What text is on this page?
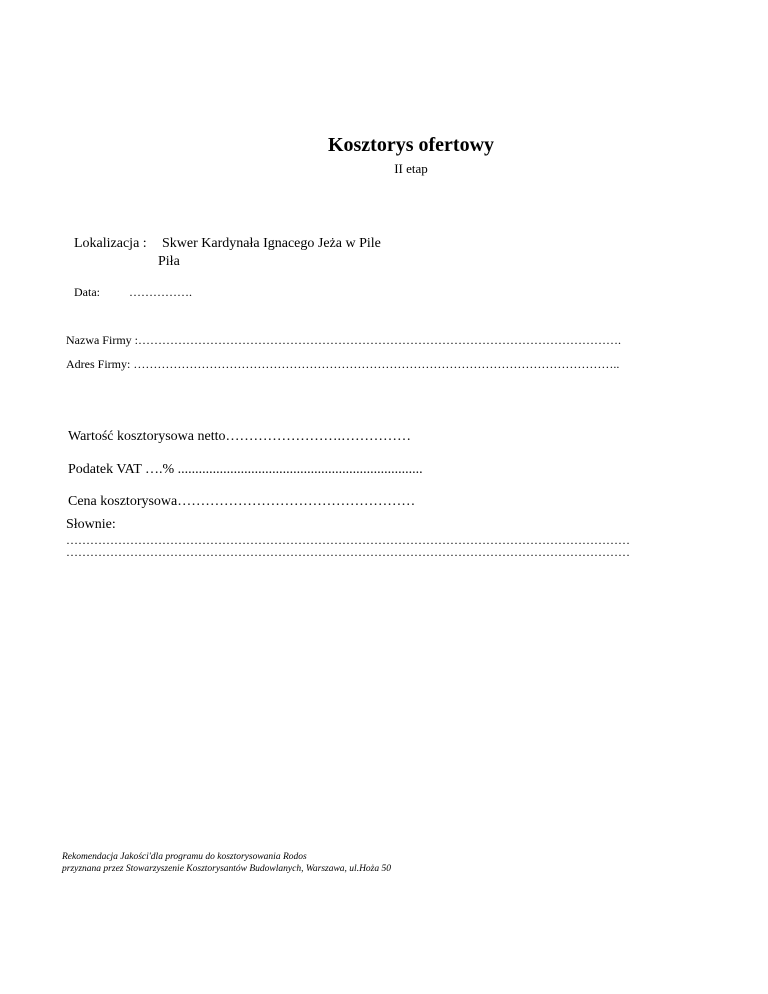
Kosztorys ofertowy
II etap
Lokalizacja : Skwer Kardynała Ignacego Jeża w Pile
Piła
Data: …………….
Nazwa Firmy :………………………………………………………………………………………………………….
Adres Firmy: …………………………………………………………………………………………………………..
Wartość kosztorysowa netto…………………….……………
Podatek VAT ….% ......................................................................
Cena kosztorysowa……………………………………………
Słownie:
……………………………………………………………………………………………………………………………
……………………………………………………………………………………………………………………………
Rekomendacja Jakości'dla programu do kosztorysowania Rodos
przyznana przez Stowarzyszenie Kosztorysantów Budowlanych, Warszawa, ul.Hoża 50
